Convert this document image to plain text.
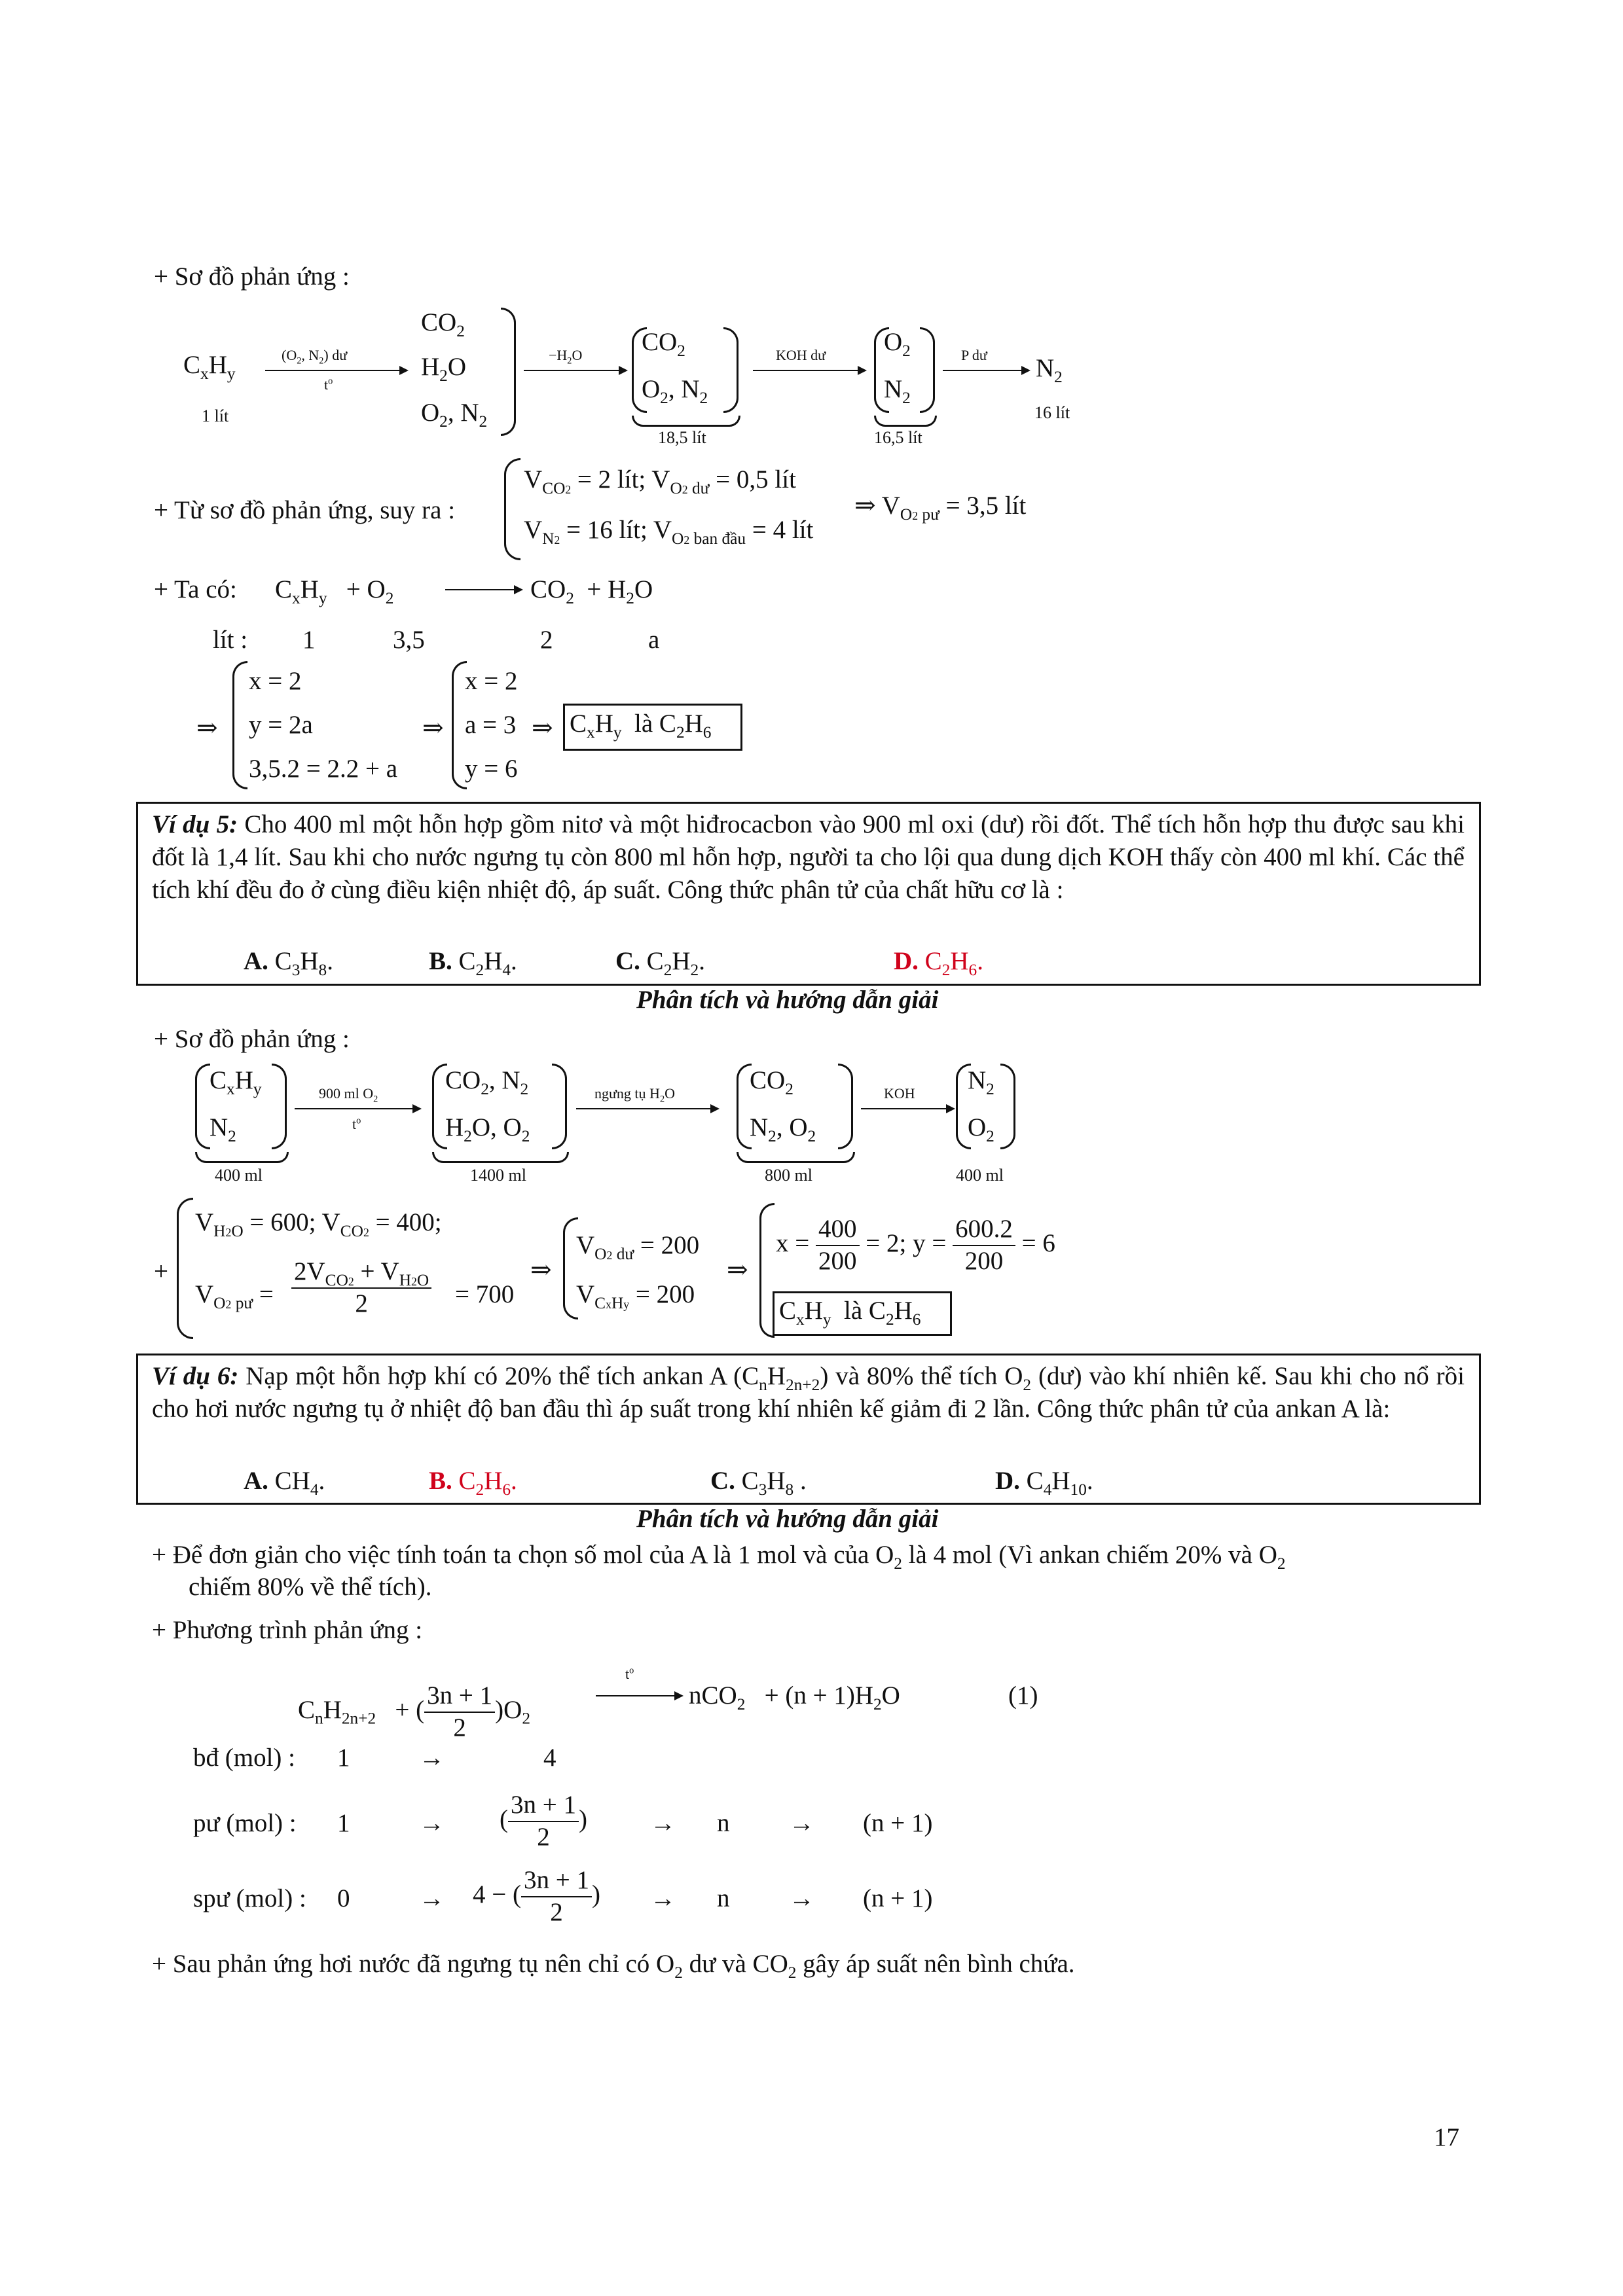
+ Sơ đồ phản ứng :
$C_xH_y$
1 lít
($O_2$, $N_2$) dư
$t^o$
$CO_2$
$H_2O$
$O_2$, $N_2$
$-H_2O$ $CO_2$
$O_2$, $N_2$
18,5 lít
KOH dư $O_2$
$N_2$
16,5 lít
P dư → $N_2$
16 lít
+ Từ sơ đồ phản ứng, suy ra :
$V_{CO2} = 2$ lít; $V_{O2 dư} = 0,5$ lít
$V_{N2} = 16$ lít; $V_{O2 ban đầu} = 4$ lít
⇒ $V_{O2 pư} = 3,5$ lít
+ Ta có: $C_xH_y + O_2 \to CO_2 + H_2O$
lít : 1	3,5	2	a
⇒
x = 2
y = 2a
3,5.2 = 2.2 + a
⇒
x = 2
a = 3
y = 6
⇒ $C_xH_y$ là $C_2H_6$
Ví dụ 5: Cho 400 ml một hỗn hợp gồm nitơ và một hiđrocacbon vào 900 ml oxi (dư) rồi đốt. Thể tích hỗn hợp thu được sau khi đốt là 1,4 lít. Sau khi cho nước ngưng tụ còn 800 ml hỗn hợp, người ta cho lội qua dung dịch KOH thấy còn 400 ml khí. Các thể tích khí đều đo ở cùng điều kiện nhiệt độ, áp suất. Công thức phân tử của chất hữu cơ là :
A. $C_3H_8$.	B. $C_2H_4$.	C. $C_2H_2$.	D. $C_2H_6$.
Phân tích và hướng dẫn giải
+ Sơ đồ phản ứng :
$C_xH_y$
$N_2$
400 ml
900 ml $O_2$
$t^o$
$CO_2$, $N_2$
$H_2O$, $O_2$
1400 ml
ngưng tụ $H_2O$	$CO_2$
$N_2$, $O_2$
800 ml
KOH $N_2$
$O_2$
400 ml
+
$V_{H2O} = 600$; $V_{CO2} = 400$;
$V_{O2 pư} = \frac{2V_{CO2} + V_{H2O}}{2} = 700$
⇒
$V_{O2 dư} = 200$
$V_{CxHy} = 200$
⇒
$x = \frac{400}{200} = 2$; $y = \frac{600.2}{200} = 6$
$C_xH_y$ là $C_2H_6$
Ví dụ 6: Nạp một hỗn hợp khí có 20% thể tích ankan A $(C_nH_{2n+2})$ và 80% thể tích $O_2$ (dư) vào khí nhiên kế. Sau khi cho nổ rồi cho hơi nước ngưng tụ ở nhiệt độ ban đầu thì áp suất trong khí nhiên kế giảm đi 2 lần. Công thức phân tử của ankan A là:
A. $CH_4$.	B. $C_2H_6$.	C. $C_3H_8$ .	D. $C_4H_{10}$.
Phân tích và hướng dẫn giải
+ Để đơn giản cho việc tính toán ta chọn số mol của A là 1 mol và của $O_2$ là 4 mol (Vì ankan chiếm 20% và $O_2$
chiếm 80% về thể tích).
+ Phương trình phản ứng :
$C_nH_{2n+2}$ + ( $\frac{3n + 1}{2} )O_2$
$t^o$
→ $nCO_2 + (n + 1)H_2O$	(1)
bđ (mol) : 1	→	4
pư (mol) : 1	→ ( $\frac{3n + 1}{2}$ ) → n → (n + 1)
spư (mol) : 0	→ 4 − ( $\frac{3n + 1}{2}$ ) → n → (n + 1)
+ Sau phản ứng hơi nước đã ngưng tụ nên chỉ có $O_2$ dư và $CO_2$ gây áp suất nên bình chứa.
17
